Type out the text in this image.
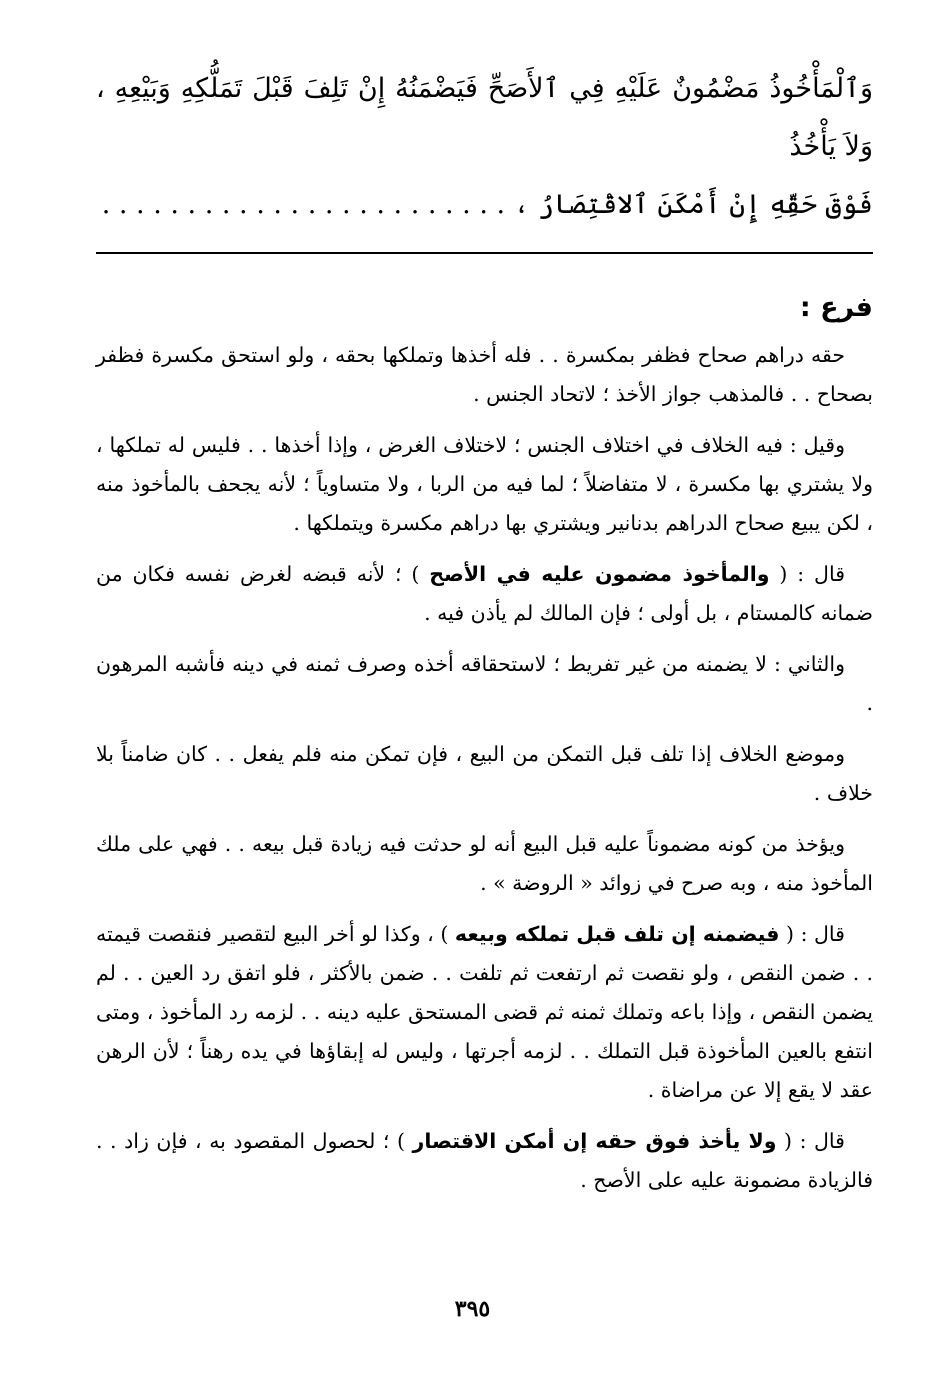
وَٱلْمَأْخُوذُ مَضْمُونٌ عَلَيْهِ فِي ٱلأَصَحِّ فَيَضْمَنُهُ إِنْ تَلِفَ قَبْلَ تَمَلُّكِهِ وَبَيْعِهِ ، وَلاَ يَأْخُذُ
فَوْقَ حَقِّهِ إِنْ أَمْكَنَ ٱلاقْتِصَارُ ، . . . . . . . . . . . . . . . . . . . . . . . .
فرع :

حقه دراهم صحاح فظفر بمكسرة . . فله أخذها وتملكها بحقه ، ولو استحق مكسرة فظفر بصحاح . . فالمذهب جواز الأخذ ؛ لاتحاد الجنس .

وقيل : فيه الخلاف في اختلاف الجنس ؛ لاختلاف الغرض ، وإذا أخذها . . فليس له تملكها ، ولا يشتري بها مكسرة ، لا متفاضلاً ؛ لما فيه من الربا ، ولا متساوياً ؛ لأنه يجحف بالمأخوذ منه ، لكن يبيع صحاح الدراهم بدنانير ويشتري بها دراهم مكسرة ويتملكها .

قال : ( والمأخوذ مضمون عليه في الأصح ) ؛ لأنه قبضه لغرض نفسه فكان من ضمانه كالمستام ، بل أولى ؛ فإن المالك لم يأذن فيه .

والثاني : لا يضمنه من غير تفريط ؛ لاستحقاقه أخذه وصرف ثمنه في دينه فأشبه المرهون .

وموضع الخلاف إذا تلف قبل التمكن من البيع ، فإن تمكن منه فلم يفعل . . كان ضامناً بلا خلاف .

ويؤخذ من كونه مضموناً عليه قبل البيع أنه لو حدثت فيه زيادة قبل بيعه . . فهي على ملك المأخوذ منه ، وبه صرح في زوائد « الروضة » .

قال : ( فيضمنه إن تلف قبل تملكه وبيعه ) ، وكذا لو أخر البيع لتقصير فنقصت قيمته . . ضمن النقص ، ولو نقصت ثم ارتفعت ثم تلفت . . ضمن بالأكثر ، فلو اتفق رد العين . . لم يضمن النقص ، وإذا باعه وتملك ثمنه ثم قضى المستحق عليه دينه . . لزمه رد المأخوذ ، ومتى انتفع بالعين المأخوذة قبل التملك . . لزمه أجرتها ، وليس له إبقاؤها في يده رهناً ؛ لأن الرهن عقد لا يقع إلا عن مراضاة .

قال : ( ولا يأخذ فوق حقه إن أمكن الاقتصار ) ؛ لحصول المقصود به ، فإن زاد . . فالزيادة مضمونة عليه على الأصح .

٣٩٥
